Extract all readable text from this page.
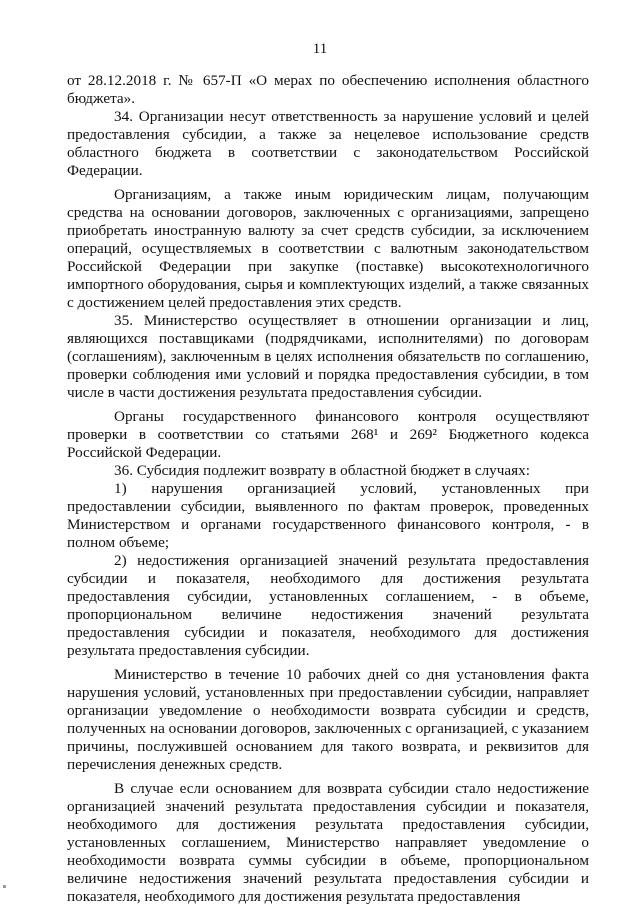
11

от 28.12.2018 г. № 657-П «О мерах по обеспечению исполнения областного бюджета».

34. Организации несут ответственность за нарушение условий и целей предоставления субсидии, а также за нецелевое использование средств областного бюджета в соответствии с законодательством Российской Федерации.

Организациям, а также иным юридическим лицам, получающим средства на основании договоров, заключенных с организациями, запрещено приобретать иностранную валюту за счет средств субсидии, за исключением операций, осуществляемых в соответствии с валютным законодательством Российской Федерации при закупке (поставке) высокотехнологичного импортного оборудования, сырья и комплектующих изделий, а также связанных с достижением целей предоставления этих средств.

35. Министерство осуществляет в отношении организации и лиц, являющихся поставщиками (подрядчиками, исполнителями) по договорам (соглашениям), заключенным в целях исполнения обязательств по соглашению, проверки соблюдения ими условий и порядка предоставления субсидии, в том числе в части достижения результата предоставления субсидии.

Органы государственного финансового контроля осуществляют проверки в соответствии со статьями 268¹ и 269² Бюджетного кодекса Российской Федерации.

36. Субсидия подлежит возврату в областной бюджет в случаях:

1) нарушения организацией условий, установленных при предоставлении субсидии, выявленного по фактам проверок, проведенных Министерством и органами государственного финансового контроля, - в полном объеме;

2) недостижения организацией значений результата предоставления субсидии и показателя, необходимого для достижения результата предоставления субсидии, установленных соглашением, - в объеме, пропорциональном величине недостижения значений результата предоставления субсидии и показателя, необходимого для достижения результата предоставления субсидии.

Министерство в течение 10 рабочих дней со дня установления факта нарушения условий, установленных при предоставлении субсидии, направляет организации уведомление о необходимости возврата субсидии и средств, полученных на основании договоров, заключенных с организацией, с указанием причины, послужившей основанием для такого возврата, и реквизитов для перечисления денежных средств.

В случае если основанием для возврата субсидии стало недостижение организацией значений результата предоставления субсидии и показателя, необходимого для достижения результата предоставления субсидии, установленных соглашением, Министерство направляет уведомление о необходимости возврата суммы субсидии в объеме, пропорциональном величине недостижения значений результата предоставления субсидии и показателя, необходимого для достижения результата предоставления
